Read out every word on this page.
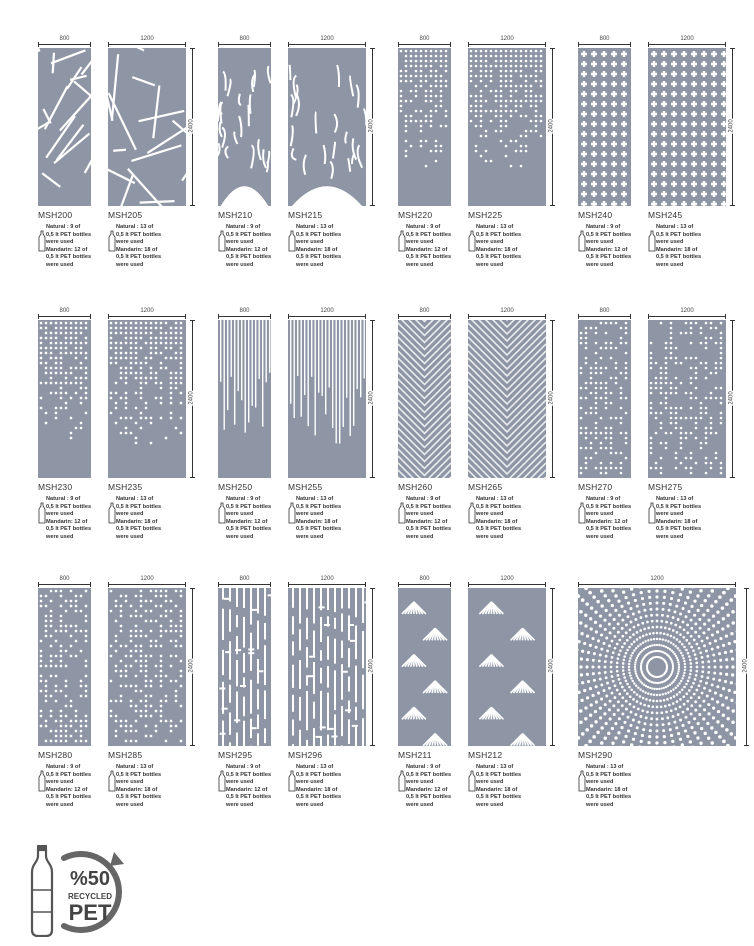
800
MSH200
Natural : 9 of
0,5 lt PET bottles
were used
Mandarin: 12 of
0,5 lt PET bottles
were used
1200
MSH205
Natural : 13 of
0,5 lt PET bottles
were used
Mandarin: 18 of
0,5 lt PET bottles
were used
2400
800
MSH210
Natural : 9 of
0,5 lt PET bottles
were used
Mandarin: 12 of
0,5 lt PET bottles
were used
1200
MSH215
Natural : 13 of
0,5 lt PET bottles
were used
Mandarin: 18 of
0,5 lt PET bottles
were used
2400
800
MSH220
Natural : 9 of
0,5 lt PET bottles
were used
Mandarin: 12 of
0,5 lt PET bottles
were used
1200
MSH225
Natural : 13 of
0,5 lt PET bottles
were used
Mandarin: 18 of
0,5 lt PET bottles
were used
2400
800
MSH240
Natural : 9 of
0,5 lt PET bottles
were used
Mandarin: 12 of
0,5 lt PET bottles
were used
1200
MSH245
Natural : 13 of
0,5 lt PET bottles
were used
Mandarin: 18 of
0,5 lt PET bottles
were used
2400
800
MSH230
Natural : 9 of
0,5 lt PET bottles
were used
Mandarin: 12 of
0,5 lt PET bottles
were used
1200
MSH235
Natural : 13 of
0,5 lt PET bottles
were used
Mandarin: 18 of
0,5 lt PET bottles
were used
2400
800
MSH250
Natural : 9 of
0,5 lt PET bottles
were used
Mandarin: 12 of
0,5 lt PET bottles
were used
1200
MSH255
Natural : 13 of
0,5 lt PET bottles
were used
Mandarin: 18 of
0,5 lt PET bottles
were used
2400
800
MSH260
Natural : 9 of
0,5 lt PET bottles
were used
Mandarin: 12 of
0,5 lt PET bottles
were used
1200
MSH265
Natural : 13 of
0,5 lt PET bottles
were used
Mandarin: 18 of
0,5 lt PET bottles
were used
2400
800
MSH270
Natural : 9 of
0,5 lt PET bottles
were used
Mandarin: 12 of
0,5 lt PET bottles
were used
1200
MSH275
Natural : 13 of
0,5 lt PET bottles
were used
Mandarin: 18 of
0,5 lt PET bottles
were used
2400
800
MSH280
Natural : 9 of
0,5 lt PET bottles
were used
Mandarin: 12 of
0,5 lt PET bottles
were used
1200
MSH285
Natural : 13 of
0,5 lt PET bottles
were used
Mandarin: 18 of
0,5 lt PET bottles
were used
2400
800
MSH295
Natural : 9 of
0,5 lt PET bottles
were used
Mandarin: 12 of
0,5 lt PET bottles
were used
1200
MSH296
Natural : 13 of
0,5 lt PET bottles
were used
Mandarin: 18 of
0,5 lt PET bottles
were used
2400
800
MSH211
Natural : 9 of
0,5 lt PET bottles
were used
Mandarin: 12 of
0,5 lt PET bottles
were used
1200
MSH212
Natural : 13 of
0,5 lt PET bottles
were used
Mandarin: 18 of
0,5 lt PET bottles
were used
2400
1200
MSH290
Natural : 13 of
0,5 lt PET bottles
were used
Mandarin: 18 of
0,5 lt PET bottles
were used
2400
%50
RECYCLED
PET
